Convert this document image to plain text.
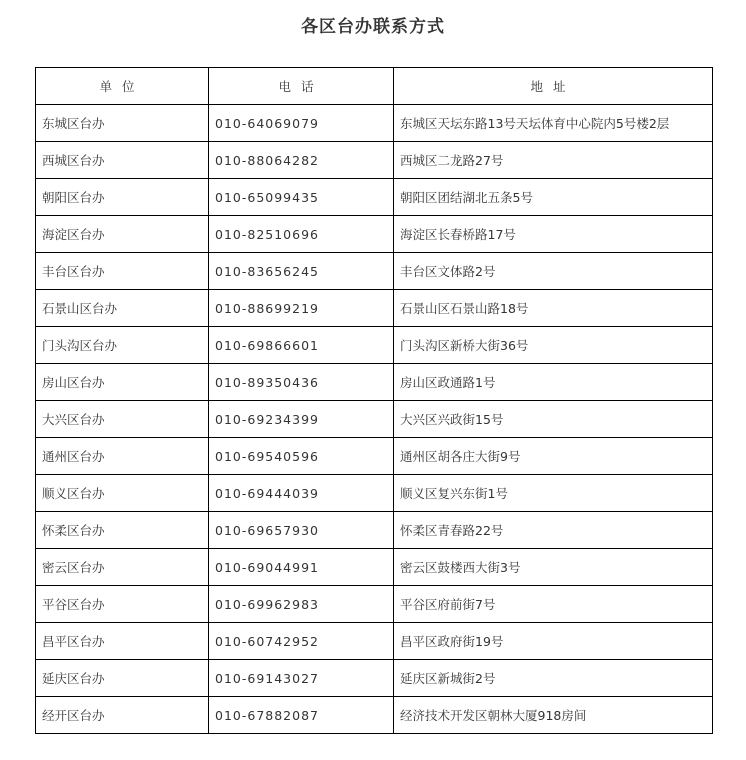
各区台办联系方式
单位	电话	地址
东城区台办	010-64069079	东城区天坛东路13号天坛体育中心院内5号楼2层
西城区台办	010-88064282	西城区二龙路27号
朝阳区台办	010-65099435	朝阳区团结湖北五条5号
海淀区台办	010-82510696	海淀区长春桥路17号
丰台区台办	010-83656245	丰台区文体路2号
石景山区台办	010-88699219	石景山区石景山路18号
门头沟区台办	010-69866601	门头沟区新桥大街36号
房山区台办	010-89350436	房山区政通路1号
大兴区台办	010-69234399	大兴区兴政街15号
通州区台办	010-69540596	通州区胡各庄大街9号
顺义区台办	010-69444039	顺义区复兴东街1号
怀柔区台办	010-69657930	怀柔区青春路22号
密云区台办	010-69044991	密云区鼓楼西大街3号
平谷区台办	010-69962983	平谷区府前街7号
昌平区台办	010-60742952	昌平区政府街19号
延庆区台办	010-69143027	延庆区新城街2号
经开区台办	010-67882087	经济技术开发区朝林大厦918房间
